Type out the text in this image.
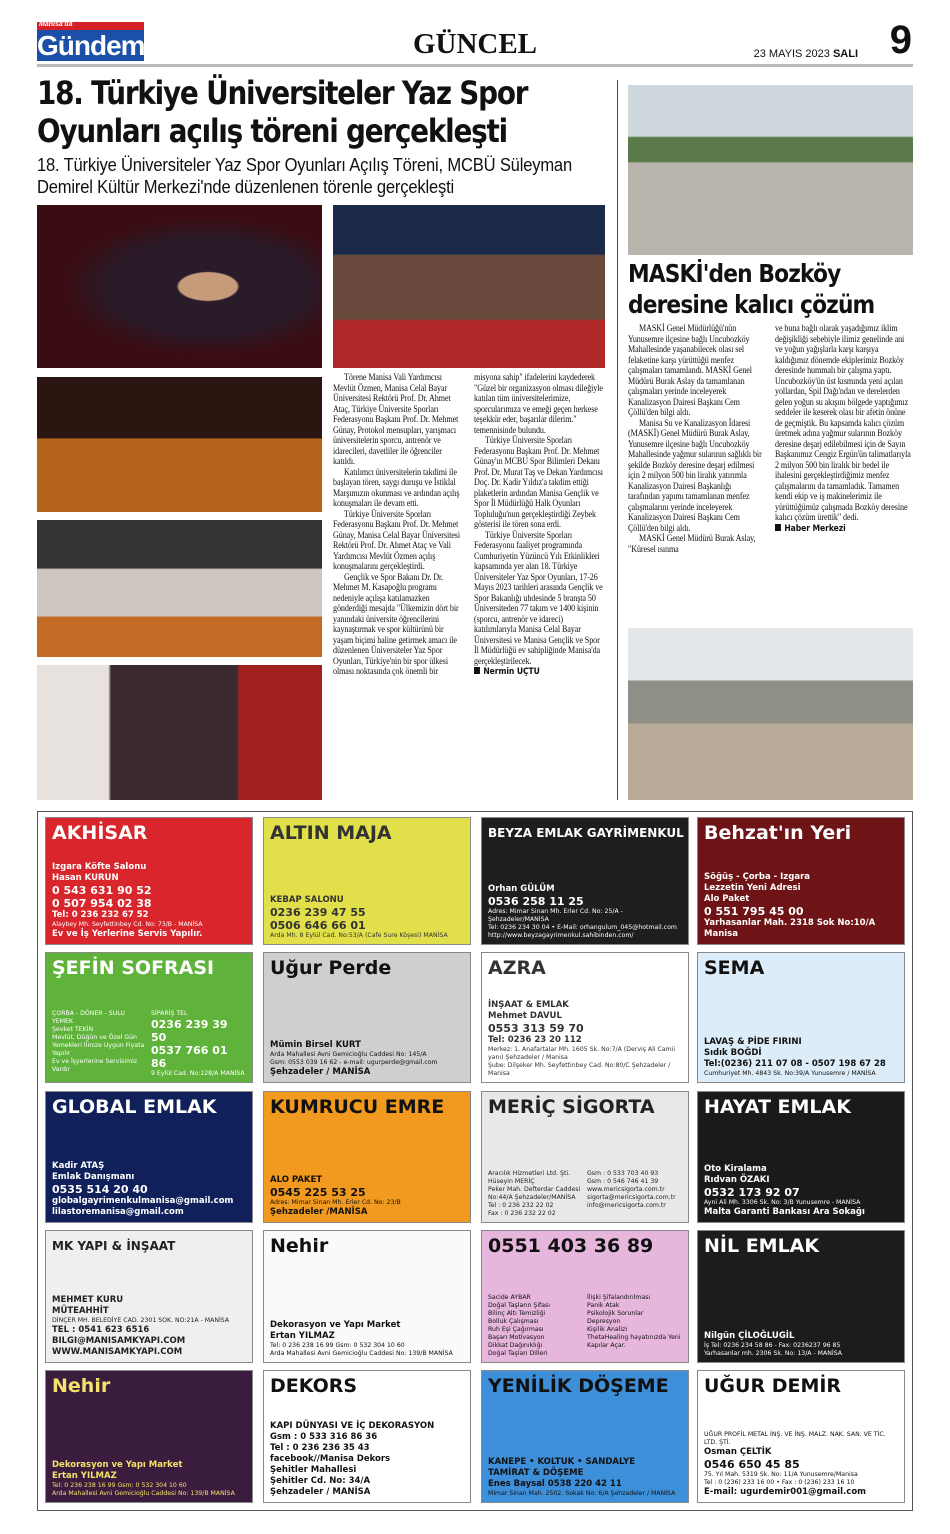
Manisa'da
Gündem	GÜNCEL	23 MAYIS 2023 SALI 9
18. Türkiye Üniversiteler Yaz Spor Oyunları açılış töreni gerçekleşti
18. Türkiye Üniversiteler Yaz Spor Oyunları Açılış Töreni, MCBÜ Süleyman Demirel Kültür Merkezi'nde düzenlenen törenle gerçekleşti

Törene Manisa Vali Yardımcısı Mevlüt Özmen, Manisa Celal Bayar Üniversitesi Rektörü Prof. Dr. Ahmet Ataç, Türkiye Üniversite Sporları Federasyonu Başkanı Prof. Dr. Mehmet Günay, Protokol mensupları, yarışmacı üniversitelerin sporcu, antrenör ve idarecileri, davetliler ile öğrenciler katıldı.

Katılımcı üniversitelerin takdimi ile başlayan tören, saygı duruşu ve İstiklal Marşımızın okunması ve ardından açılış konuşmaları ile devam etti.

Türkiye Üniversite Sporları Federasyonu Başkanı Prof. Dr. Mehmet Günay, Manisa Celal Bayar Üniversitesi Rektörü Prof. Dr. Ahmet Ataç ve Vali Yardımcısı Mevlüt Özmen açılış konuşmalarını gerçekleştirdi.

Gençlik ve Spor Bakanı Dr. Dr. Mehmet M. Kasapoğlu programı nedeniyle açılışa katılamazken gönderdiği mesajda "Ülkemizin dört bir yanındaki üniversite öğrencilerini kaynaştırmak ve spor kültürünü bir yaşam biçimi haline getirmek amacı ile düzenlenen Üniversiteler Yaz Spor Oyunları, Türkiye'nin bir spor ülkesi olması noktasında çok önemli bir

misyona sahip" ifadelerini kaydederek "Güzel bir organizasyon olması dileğiyle katılan tüm üniversitelerimize, sporcularımıza ve emeği geçen herkese teşekkür eder, başarılar dilerim." temennisinde bulundu.

Türkiye Üniversite Sporları Federasyonu Başkanı Prof. Dr. Mehmet Günay'ın MCBU Spor Bilimleri Dekanı Prof. Dr. Murat Taş ve Dekan Yardımcısı Doç. Dr. Kadir Yıldız'a takdim ettiği plaketlerin ardından Manisa Gençlik ve Spor İl Müdürlüğü Halk Oyunları Topluluğu'nun gerçekleştirdiği Zeybek gösterisi ile tören sona erdi.

Türkiye Üniversite Sporları Federasyonu faaliyet programında Cumhuriyetin Yüzüncü Yılı Etkinlikleri kapsamında yer alan 18. Türkiye Üniversiteler Yaz Spor Oyunları, 17-26 Mayıs 2023 tarihleri arasında Gençlik ve Spor Bakanlığı uhdesinde 5 branşta 50 Üniversiteden 77 takım ve 1400 kişinin (sporcu, antrenör ve idareci) katılımlarıyla Manisa Celal Bayar Üniversitesi ve Manisa Gençlik ve Spor İl Müdürlüğü ev sahipliğinde Manisa'da gerçekleştirilecek.

Nermin UÇTU
MASKİ'den Bozköy deresine kalıcı çözüm

MASKİ Genel Müdürlüğü'nün Yunusemre ilçesine bağlı Uncubozköy Mahallesinde yaşanabilecek olası sel felaketine karşı yürüttüğü menfez çalışmaları tamamlandı. MASKİ Genel Müdürü Burak Aslay da tamamlanan çalışmaları yerinde inceleyerek Kanalizasyon Dairesi Başkanı Cem Çöllü'den bilgi aldı.

Manisa Su ve Kanalizasyon İdaresi (MASKİ) Genel Müdürü Burak Aslay, Yunusemre ilçesine bağlı Uncubozköy Mahallesinde yağmur sularının sağlıklı bir şekilde Bozköy deresine deşarj edilmesi için 2 milyon 500 bin liralık yatırımla Kanalizasyon Dairesi Başkanlığı tarafından yapımı tamamlanan menfez çalışmalarını yerinde inceleyerek Kanalizasyon Dairesi Başkanı Cem Çöllü'den bilgi aldı.

MASKİ Genel Müdürü Burak Aslay, "Küresel ısınma

ve buna bağlı olarak yaşadığımız iklim değişikliği sebebiyle ilimiz genelinde ani ve yoğun yağışlarla karşı karşıya kaldığımız dönemde ekiplerimiz Bozköy deresinde hummalı bir çalışma yaptı. Uncubozköy'ün üst kısmında yeni açılan yollardan, Spil Dağı'ndan ve derelerden gelen yoğun su akışını bölgede yaptığımız seddeler ile keserek olası bir afetin önüne de geçmiştik. Bu kapsamda kalıcı çözüm üretmek adına yağmur sularının Bozköy deresine deşarj edilebilmesi için de Sayın Başkanımız Cengiz Ergün'ün talimatlarıyla 2 milyon 500 bin liralık bir bedel ile ihalesini gerçekleştirdiğimiz menfez çalışmalarını da tamamladık. Tamamen kendi ekip ve iş makinelerimiz ile yürüttüğümüz çalışmada Bozköy deresine kalıcı çözüm ürettik" dedi.

Haber Merkezi
AKHİSAR
Izgara Köfte Salonu
Hasan KURUN
0 543 631 90 52
0 507 954 02 38
Tel: 0 236 232 67 52
Alaybey Mh. Seyfettinbey Cd. No: 73/B - MANİSA
Ev ve İş Yerlerine Servis Yapılır.
ALTIN MAJA
KEBAP SALONU
0236 239 47 55
0506 646 66 01
Arda Mh. 8 Eylül Cad. No:53/A (Cafe Sure Köşesi) MANİSA
BEYZA EMLAK GAYRİMENKUL
Orhan GÜLÜM
0536 258 11 25
Adres: Mimar Sinan Mh. Erler Cd. No: 25/A - Şehzadeler/MANİSA
Tel: 0236 234 30 04 • E-Mail: orhangulum_045@hotmail.com
http://www.beyzagayrimenkul.sahibinden.com/
Behzat'ın Yeri
Söğüş - Çorba - Izgara
Lezzetin Yeni Adresi
Alo Paket
0 551 795 45 00
Yarhasanlar Mah. 2318 Sok No:10/A Manisa
ŞEFİN SOFRASI
ÇORBA - DÖNER - SULU YEMEK
Şevket TEKİN
Mevlüt, Düğün ve Özel Gün Yemekleri İlinize Uygun Fiyata Yapılır
Ev ve İşyerlerine Servisimiz Vardır
SİPARİŞ TEL
0236 239 39 50
0537 766 01 86
9 Eylül Cad. No:128/A MANİSA
Uğur Perde
Mümin Birsel KURT
Arda Mahallesi Avni Gemicioğlu Caddesi No: 145/A
Gsm: 0553 039 16 62 - e-mail: ugurperde@gmail.com
Şehzadeler / MANİSA
AZRA
İNŞAAT & EMLAK
Mehmet DAVUL
0553 313 59 70
Tel: 0236 23 20 112
Merkez: 1. Anafartalar Mh. 1605 Sk. No:7/A (Derviş Ali Camii yanı) Şehzadeler / Manisa
Şube: Dilşeker Mh. Seyfettinbey Cad. No:80/C Şehzadeler / Manisa
SEMA
LAVAŞ & PİDE FIRINI
Sıdık BOĞDİ
Tel:(0236) 211 07 08 - 0507 198 67 28
Cumhuriyet Mh. 4843 Sk. No:39/A Yunusemre / MANİSA
GLOBAL EMLAK
Kadir ATAŞ
Emlak Danışmanı
0535 514 20 40
globalgayrimenkulmanisa@gmail.com
lilastoremanisa@gmail.com
KUMRUCU EMRE
ALO PAKET
0545 225 53 25
Adres: Mimar Sinan Mh. Erler Cd. No: 23/B
Şehzadeler /MANİSA
MERİÇ SİGORTA
Aracılık Hizmetleri Ltd. Şti.
Hüseyin MERİÇ
Peker Mah. Defterdar Caddesi No:44/A Şehzadeler/MANİSA
Tel : 0 236 232 22 02
Fax : 0 236 232 22 02
Gsm : 0 533 703 40 93
Gsm : 0 546 746 41 39
www.mericsigorta.com.tr
sigorta@mericsigorta.com.tr
info@mericsigorta.com.tr
HAYAT EMLAK
Oto Kiralama
Rıdvan ÖZAKI
0532 173 92 07
Ayni Ali Mh. 3306 Sk. No: 3/B Yunusemre - MANİSA
Malta Garanti Bankası Ara Sokağı
MK YAPI & İNŞAAT
MEHMET KURU
MÜTEAHHİT
DİNÇER MH. BELEDİYE CAD. 2301 SOK. NO:21A - MANİSA
TEL : 0541 623 6516
BILGI@MANISAMKYAPI.COM
WWW.MANISAMKYAPI.COM
Nehir
Dekorasyon ve Yapı Market
Ertan YILMAZ
Tel: 0 236 238 16 99 Gsm: 0 532 304 10 60
Arda Mahallesi Avni Gemicioğlu Caddesi No: 139/B MANİSA
0551 403 36 89
Sacide AYBAR
Doğal Taşların Şifası
Bilinç Altı Temizliği
Bolluk Çalışması
Ruh Eşi Çağırması
Başarı Motivasyon
Dikkat Dağınıklığı
Doğal Taşları Dilleri
İlişki Şifalandırılması
Panik Atak
Psikolojik Sorunlar
Depresyon
Kişilik Analizi
ThetaHealing hayatınızda Yeni Kapılar Açar.
NİL EMLAK
Nilgün ÇİLOĞLUGİL
İş Tel: 0236 234 58 86 - Fax: 0236237 96 85
Yarhasanlar mh. 2306 Sk. No: 13/A - MANİSA
Nehir
Dekorasyon ve Yapı Market
Ertan YILMAZ
Tel: 0 236 238 16 99 Gsm: 0 532 304 10 60
Arda Mahallesi Avni Gemicioğlu Caddesi No: 139/B MANİSA
DEKORS
KAPI DÜNYASI VE İÇ DEKORASYON
Gsm : 0 533 316 86 36
Tel : 0 236 236 35 43
facebook//Manisa Dekors
Şehitler Mahallesi
Şehitler Cd. No: 34/A
Şehzadeler / MANİSA
YENİLİK DÖŞEME
KANEPE • KOLTUK • SANDALYE
TAMİRAT & DÖŞEME
Enes Baysal 0538 220 42 11
Mimar Sinan Mah. 2502. Sokak No: 6/A Şehzadeler / MANİSA
UĞUR DEMİR
UĞUR PROFİL METAL İNŞ. VE İNŞ. MALZ. NAK. SAN. VE TİC. LTD. ŞTİ.
Osman ÇELTİK
0546 650 45 85
75. Yıl Mah. 5319 Sk. No: 11/A Yunusemre/Manisa
Tel : 0 (236) 233 16 00 • Fax : 0 (236) 233 16 10
E-mail: ugurdemir001@gmail.com
